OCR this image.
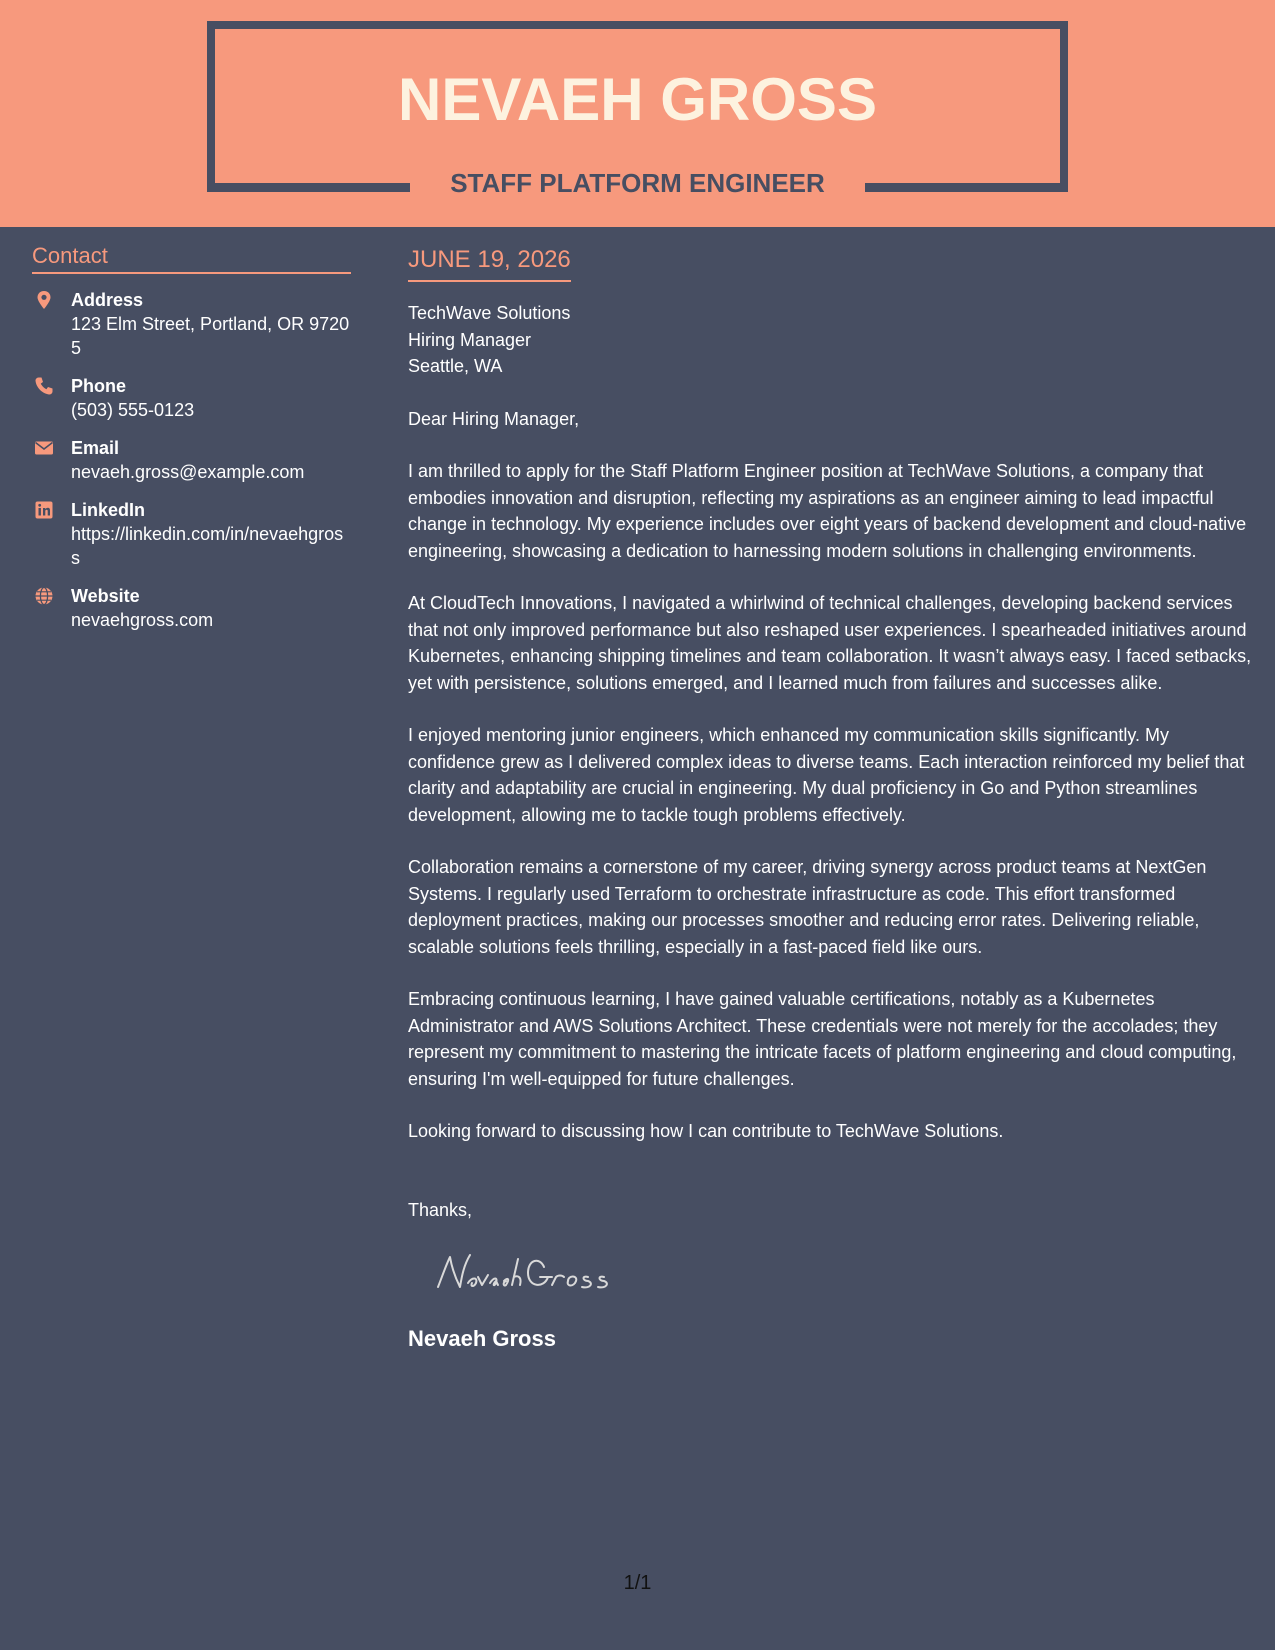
NEVAEH GROSS
STAFF PLATFORM ENGINEER
Contact
Address
123 Elm Street, Portland, OR 97205
Phone
(503) 555-0123
Email
nevaeh.gross@example.com
LinkedIn
https://linkedin.com/in/nevaehgross
Website
nevaehgross.com
JUNE 19, 2026
TechWave Solutions
Hiring Manager
Seattle, WA
Dear Hiring Manager,

I am thrilled to apply for the Staff Platform Engineer position at TechWave Solutions, a company that embodies innovation and disruption, reflecting my aspirations as an engineer aiming to lead impactful change in technology. My experience includes over eight years of backend development and cloud-native engineering, showcasing a dedication to harnessing modern solutions in challenging environments.

At CloudTech Innovations, I navigated a whirlwind of technical challenges, developing backend services that not only improved performance but also reshaped user experiences. I spearheaded initiatives around Kubernetes, enhancing shipping timelines and team collaboration. It wasn’t always easy. I faced setbacks, yet with persistence, solutions emerged, and I learned much from failures and successes alike.

I enjoyed mentoring junior engineers, which enhanced my communication skills significantly. My confidence grew as I delivered complex ideas to diverse teams. Each interaction reinforced my belief that clarity and adaptability are crucial in engineering. My dual proficiency in Go and Python streamlines development, allowing me to tackle tough problems effectively.

Collaboration remains a cornerstone of my career, driving synergy across product teams at NextGen Systems. I regularly used Terraform to orchestrate infrastructure as code. This effort transformed deployment practices, making our processes smoother and reducing error rates. Delivering reliable, scalable solutions feels thrilling, especially in a fast-paced field like ours.

Embracing continuous learning, I have gained valuable certifications, notably as a Kubernetes Administrator and AWS Solutions Architect. These credentials were not merely for the accolades; they represent my commitment to mastering the intricate facets of platform engineering and cloud computing, ensuring I'm well-equipped for future challenges.

Looking forward to discussing how I can contribute to TechWave Solutions.

Thanks,
Nevaeh Gross
Nevaeh Gross
1/1
